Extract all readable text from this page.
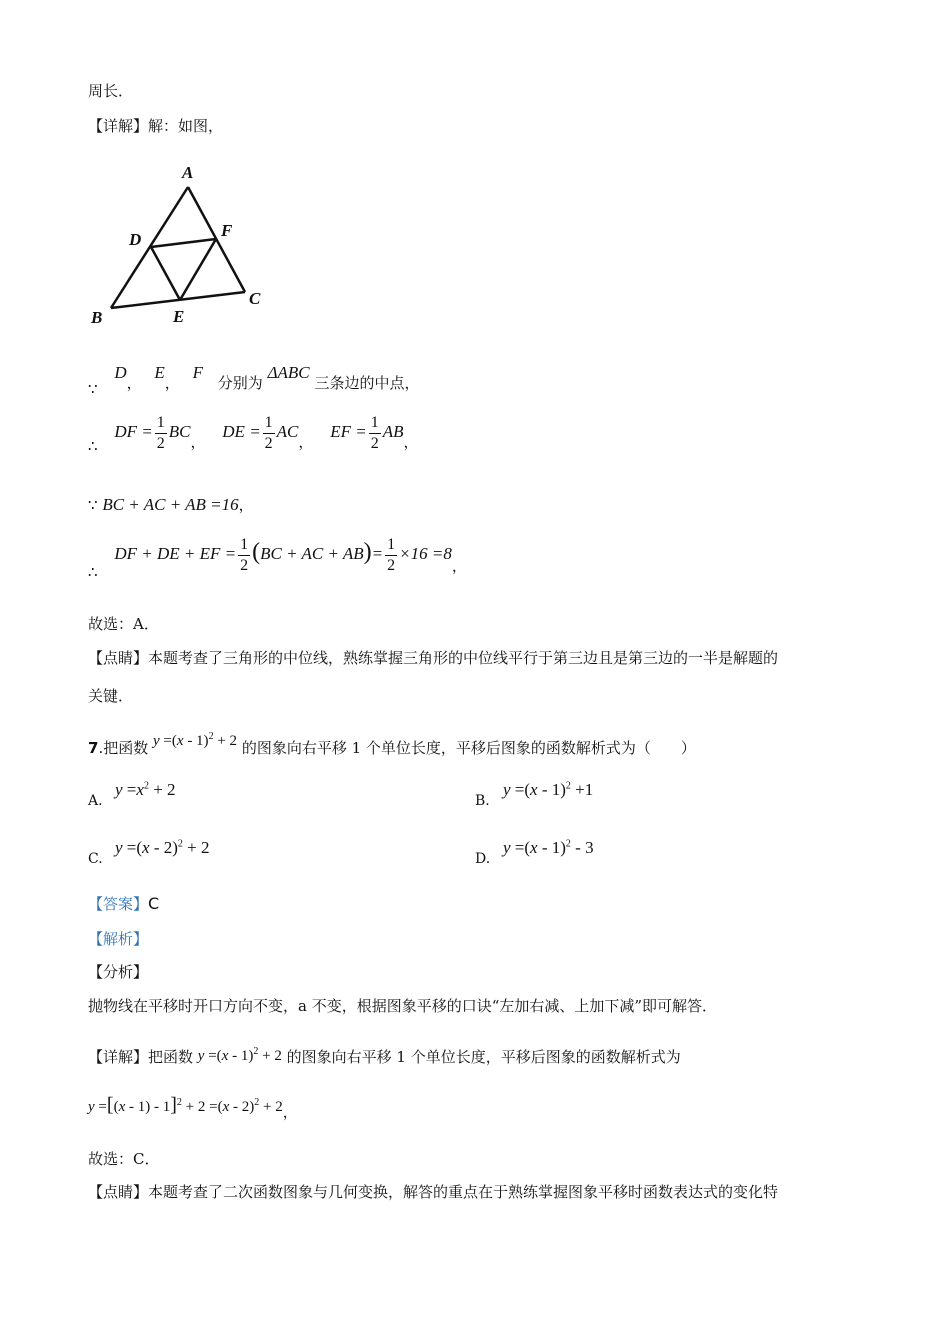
周长．
【详解】解：如图，
A
D	F
B	E
C
∵ D， E， F 分别为 ΔABC 三条边的中点，
∴ DF = $\frac{1}{2}$ BC， DE = $\frac{1}{2}$ AC， EF = $\frac{1}{2}$ AB，
∵ BC + AC + AB =16，
∴ DF + DE + EF = $\frac{1}{2} (BC$ + AC + $AB)= \frac{1}{2} \times 16 =8$，
故选：A．
【点睛】本题考查了三角形的中位线，熟练掌握三角形的中位线平行于第三边且是第三边的一半是解题的
关键．
7.把函数 y =(x - 1)$^2$ + 2 的图象向右平移 1 个单位长度，平移后图象的函数解析式为（　　）
A.
$y =x^2 + 2$
B.
y =(x - 1)$^2$ +1
C.
y =(x - 2)$^2$ + 2
D.
y =(x - 1)$^2$ - 3
【答案】C
【解析】
【分析】
抛物线在平移时开口方向不变，a 不变，根据图象平移的口诀“左加右减、上加下减”即可解答．
【详解】把函数 y =(x - 1)$^2$ + 2 的图象向右平移 1 个单位长度，平移后图象的函数解析式为
y =[(x - 1) - 1]$^2$ + 2 =(x - 2)$^2$ + 2，
故选：C．
【点睛】本题考查了二次函数图象与几何变换，解答的重点在于熟练掌握图象平移时函数表达式的变化特
